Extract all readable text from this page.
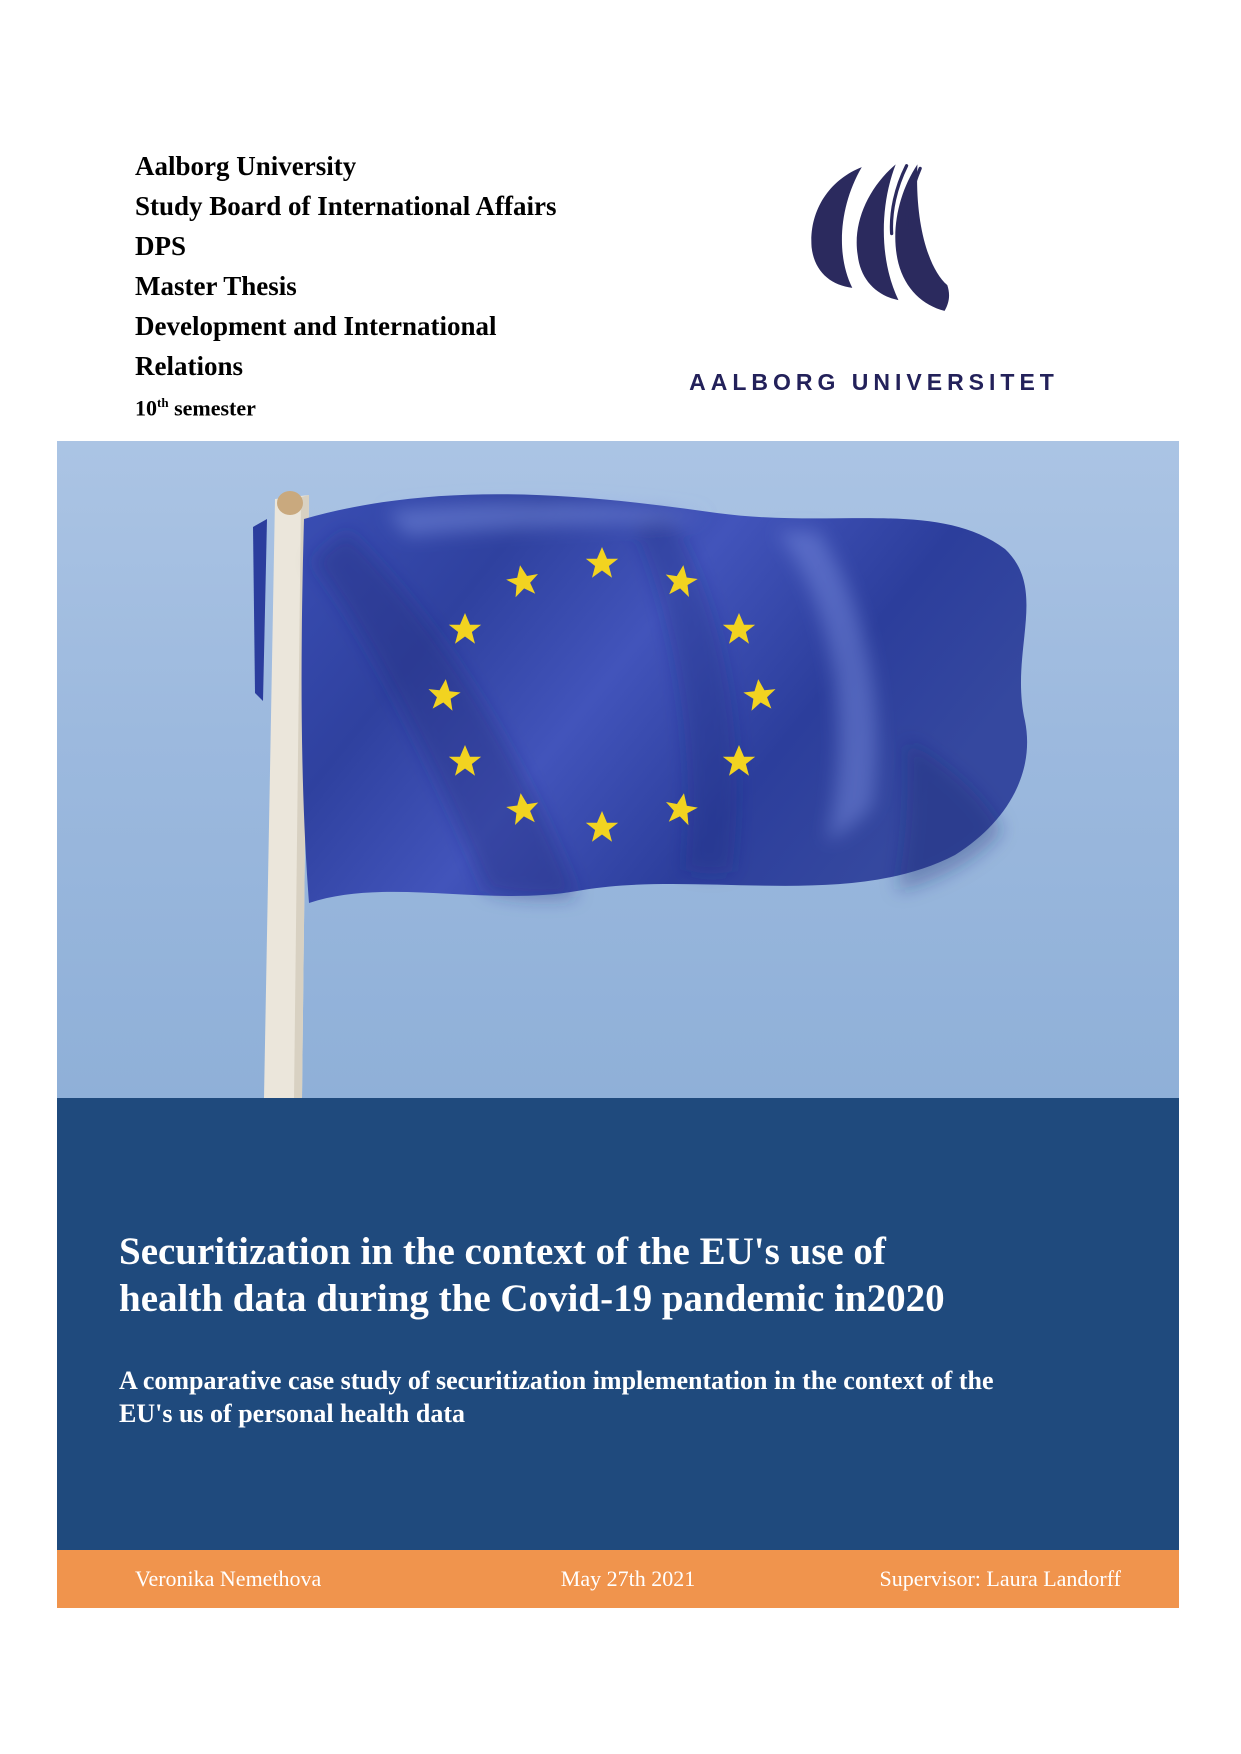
Aalborg University
Study Board of International Affairs
DPS
Master Thesis
Development and International
Relations
10th semester
AALBORG UNIVERSITET
Securitization in the context of the EU's use of
health data during the Covid-19 pandemic in2020
A comparative case study of securitization implementation in the context of the
EU's us of personal health data
Veronika Nemethova	May 27th 2021	Supervisor: Laura Landorff
